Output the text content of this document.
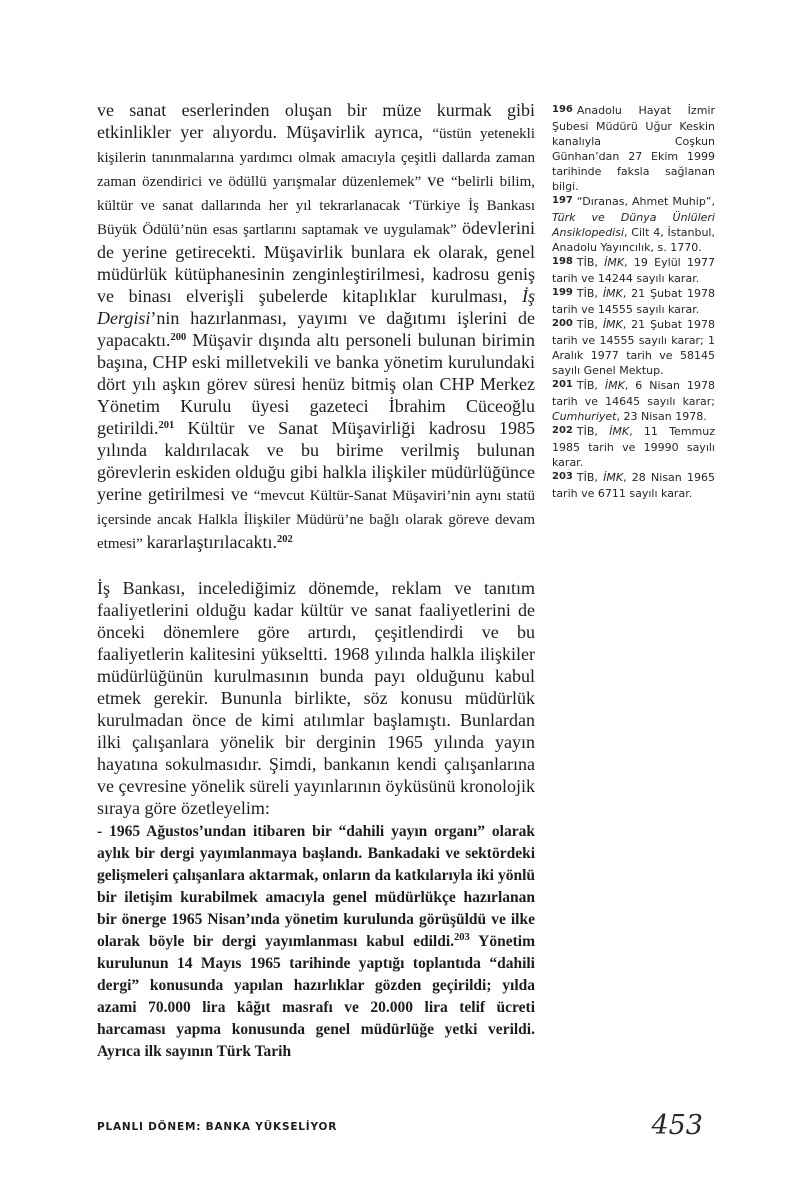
ve sanat eserlerinden oluşan bir müze kurmak gibi etkinlikler yer alıyordu. Müşavirlik ayrıca, “üstün yetenekli kişilerin tanınmalarına yardımcı olmak amacıyla çeşitli dallarda zaman zaman özendirici ve ödüllü yarışmalar düzenlemek” ve “belirli bilim, kültür ve sanat dallarında her yıl tekrarlanacak ‘Türkiye İş Bankası Büyük Ödülü’nün esas şartlarını saptamak ve uygulamak” ödevlerini de yerine getirecekti. Müşavirlik bunlara ek olarak, genel müdürlük kütüphanesinin zenginleştirilmesi, kadrosu geniş ve binası elverişli şubelerde kitaplıklar kurulması, İş Dergisi’nin hazırlanması, yayımı ve dağıtımı işlerini de yapacaktı.$^{200}$ Müşavir dışında altı personeli bulunan birimin başına, CHP eski milletvekili ve banka yönetim kurulundaki dört yılı aşkın görev süresi henüz bitmiş olan CHP Merkez Yönetim Kurulu üyesi gazeteci İbrahim Cüceoğlu getirildi.$^{201}$ Kültür ve Sanat Müşavirliği kadrosu 1985 yılında kaldırılacak ve bu birime verilmiş bulunan görevlerin eskiden olduğu gibi halkla ilişkiler müdürlüğünce yerine getirilmesi ve “mevcut Kültür-Sanat Müşaviri’nin aynı statü içersinde ancak Halkla İlişkiler Müdürü’ne bağlı olarak göreve devam etmesi” kararlaştırılacaktı.$^{202}$

İş Bankası, incelediğimiz dönemde, reklam ve tanıtım faaliyetlerini olduğu kadar kültür ve sanat faaliyetlerini de önceki dönemlere göre artırdı, çeşitlendirdi ve bu faaliyetlerin kalitesini yükseltti. 1968 yılında halkla ilişkiler müdürlüğünün kurulmasının bunda payı olduğunu kabul etmek gerekir. Bununla birlikte, söz konusu müdürlük kurulmadan önce de kimi atılımlar başlamıştı. Bunlardan ilki çalışanlara yönelik bir derginin 1965 yılında yayın hayatına sokulmasıdır. Şimdi, bankanın kendi çalışanlarına ve çevresine yönelik süreli yayınlarının öyküsünü kronolojik sıraya göre özetleyelim:

- 1965 Ağustos’undan itibaren bir “dahili yayın organı” olarak aylık bir dergi yayımlanmaya başlandı. Bankadaki ve sektördeki gelişmeleri çalışanlara aktarmak, onların da katkılarıyla iki yönlü bir iletişim kurabilmek amacıyla genel müdürlükçe hazırlanan bir önerge 1965 Nisan’ında yönetim kurulunda görüşüldü ve ilke olarak böyle bir dergi yayımlanması kabul edildi.$^{203}$ Yönetim kurulunun 14 Mayıs 1965 tarihinde yaptığı toplantıda “dahili dergi” konusunda yapılan hazırlıklar gözden geçirildi; yılda azami 70.000 lira kâğıt masrafı ve 20.000 lira telif ücreti harcaması yapma konusunda genel müdürlüğe yetki verildi. Ayrıca ilk sayının Türk Tarih

196 Anadolu Hayat İzmir Şubesi Müdürü Uğur Keskin kanalıyla Coşkun Günhan’dan 27 Ekim 1999 tarihinde faksla sağlanan bilgi.
197 “Dıranas, Ahmet Muhip”, Türk ve Dünya Ünlüleri Ansiklopedisi, Cilt 4, İstanbul, Anadolu Yayıncılık, s. 1770.
198 TİB, İMK, 19 Eylül 1977 tarih ve 14244 sayılı karar.
199 TİB, İMK, 21 Şubat 1978 tarih ve 14555 sayılı karar.
200 TİB, İMK, 21 Şubat 1978 tarih ve 14555 sayılı karar; 1 Aralık 1977 tarih ve 58145 sayılı Genel Mektup.
201 TİB, İMK, 6 Nisan 1978 tarih ve 14645 sayılı karar; Cumhuriyet, 23 Nisan 1978.
202 TİB, İMK, 11 Temmuz 1985 tarih ve 19990 sayılı karar.
203 TİB, İMK, 28 Nisan 1965 tarih ve 6711 sayılı karar.
PLANLI DÖNEM: BANKA YÜKSELİYOR	453
